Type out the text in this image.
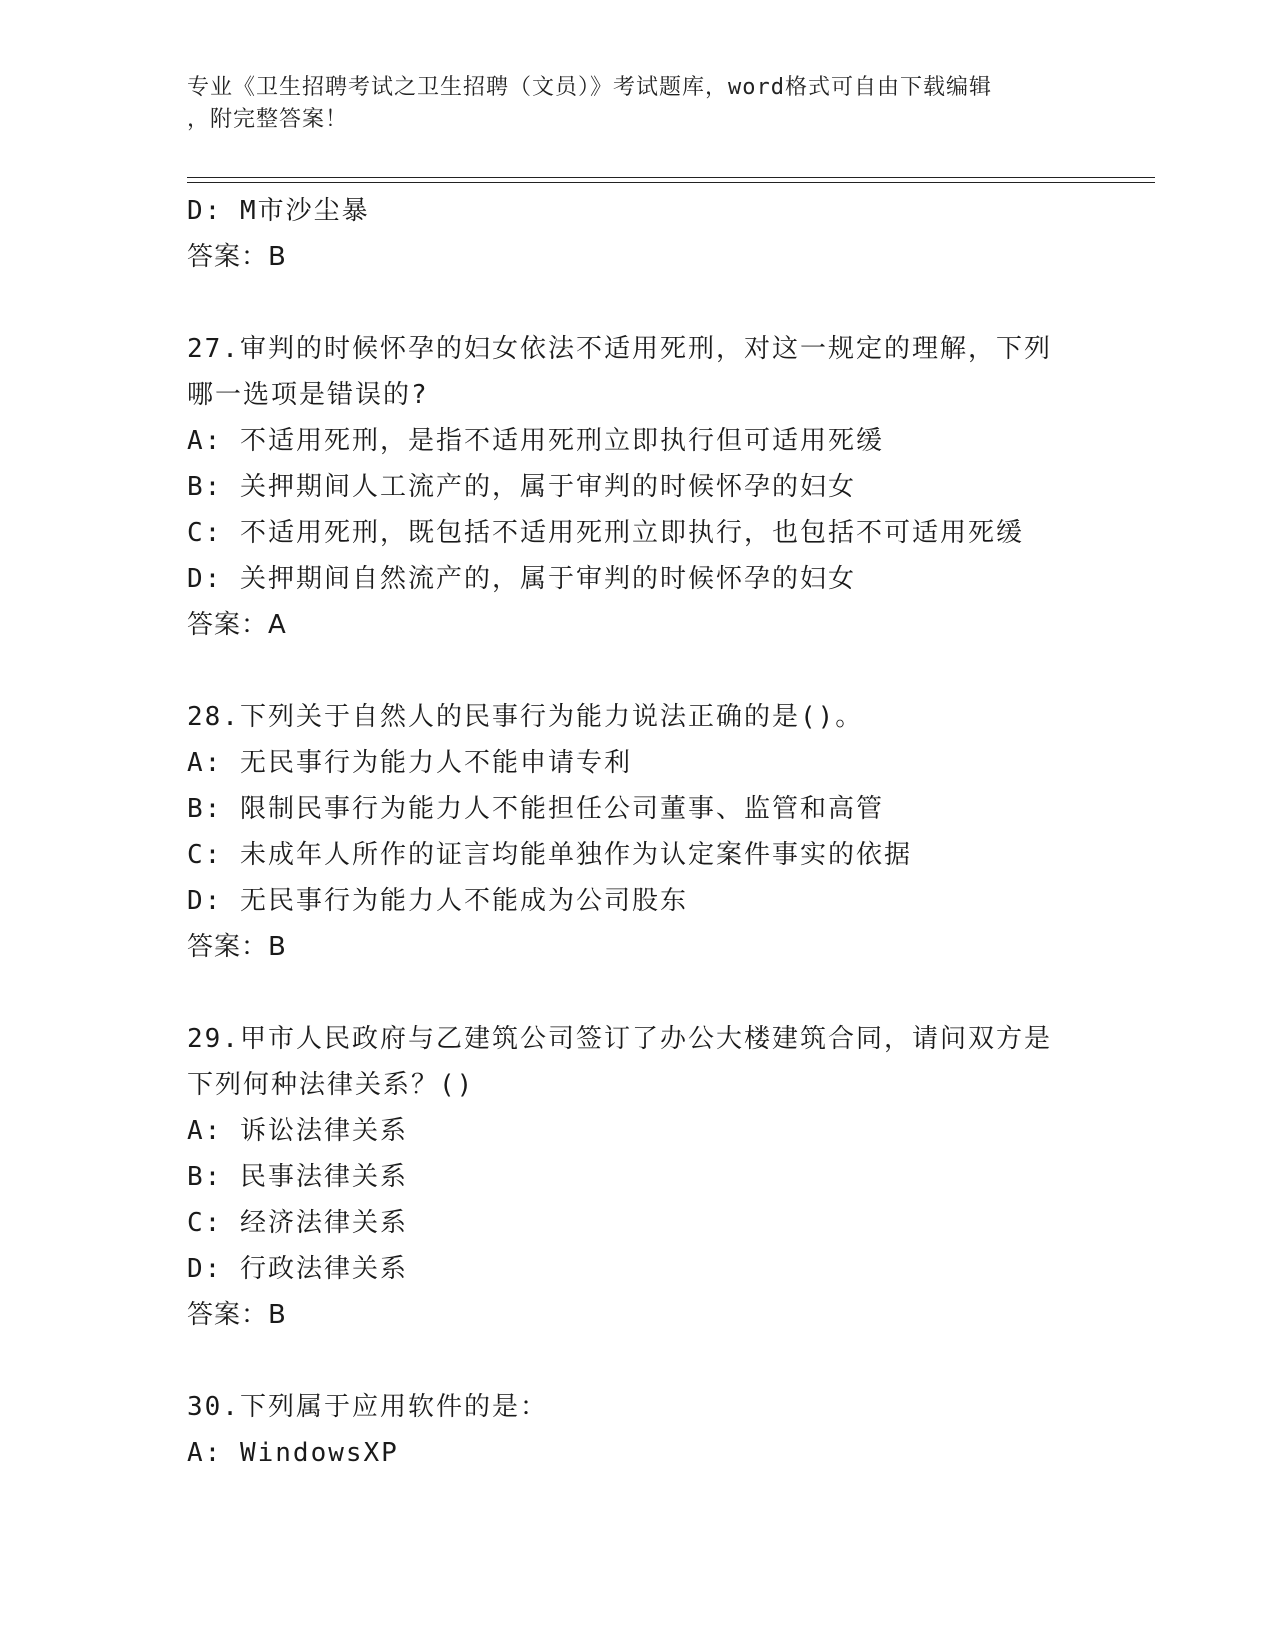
专业《卫生招聘考试之卫生招聘（文员）》考试题库，word格式可自由下载编辑
，附完整答案！
D: M市沙尘暴
答案：B
27.审判的时候怀孕的妇女依法不适用死刑，对这一规定的理解，下列
哪一选项是错误的?
A: 不适用死刑，是指不适用死刑立即执行但可适用死缓
B: 关押期间人工流产的，属于审判的时候怀孕的妇女
C: 不适用死刑，既包括不适用死刑立即执行，也包括不可适用死缓
D: 关押期间自然流产的，属于审判的时候怀孕的妇女
答案：A
28.下列关于自然人的民事行为能力说法正确的是()。
A: 无民事行为能力人不能申请专利
B: 限制民事行为能力人不能担任公司董事、监管和高管
C: 未成年人所作的证言均能单独作为认定案件事实的依据
D: 无民事行为能力人不能成为公司股东
答案：B
29.甲市人民政府与乙建筑公司签订了办公大楼建筑合同，请问双方是
下列何种法律关系？()
A: 诉讼法律关系
B: 民事法律关系
C: 经济法律关系
D: 行政法律关系
答案：B
30.下列属于应用软件的是：
A: WindowsXP
